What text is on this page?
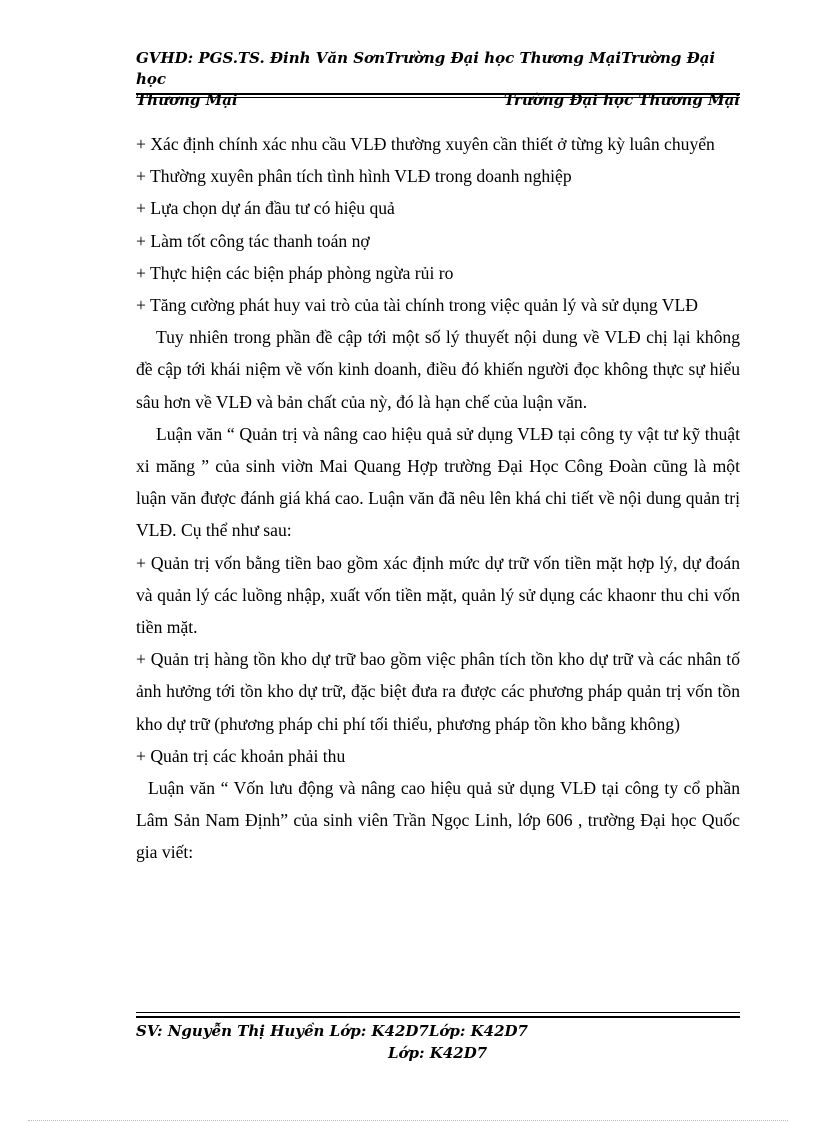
GVHD: PGS.TS. Đinh Văn SơnTrường Đại học Thương MạiTrường Đại học
Thương Mại	Trường Đại học Thương Mại

+ Xác định chính xác nhu cầu VLĐ thường xuyên cần thiết ở từng kỳ luân chuyển

+ Thường xuyên phân tích tình hình VLĐ trong doanh nghiệp

+ Lựa chọn dự án đầu tư có hiệu quả

+ Làm tốt công tác thanh toán nợ

+ Thực hiện các biện pháp phòng ngừa rủi ro

+ Tăng cường phát huy vai trò của tài chính trong việc quản lý và sử dụng VLĐ

Tuy nhiên trong phần đề cập tới một số lý thuyết nội dung về VLĐ chị lại không đề cập tới khái niệm về vốn kinh doanh, điều đó khiến người đọc không thực sự hiểu sâu hơn về VLĐ và bản chất của nỳ, đó là hạn chế của luận văn.

Luận văn “ Quản trị và nâng cao hiệu quả sử dụng VLĐ tại công ty vật tư kỹ thuật xi măng ” của sinh viờn Mai Quang Hợp trường Đại Học Công Đoàn cũng là một luận văn được đánh giá khá cao. Luận văn đã nêu lên khá chi tiết về nội dung quản trị VLĐ. Cụ thể như sau:

+ Quản trị vốn bằng tiền bao gồm xác định mức dự trữ vốn tiền mặt hợp lý, dự đoán và quản lý các luồng nhập, xuất vốn tiền mặt, quản lý sử dụng các khaonr thu chi vốn tiền mặt.

+ Quản trị hàng tồn kho dự trữ bao gồm việc phân tích tồn kho dự trữ và các nhân tố ảnh hưởng tới tồn kho dự trữ, đặc biệt đưa ra được các phương pháp quản trị vốn tồn kho dự trữ (phương pháp chi phí tối thiểu, phương pháp tồn kho bằng không)

+ Quản trị các khoản phải thu

Luận văn “ Vốn lưu động và nâng cao hiệu quả sử dụng VLĐ tại công ty cổ phần Lâm Sản Nam Định” của sinh viên Trần Ngọc Linh, lớp 606 , trường Đại học Quốc gia viết:

SV: Nguyễn Thị Huyền Lớp: K42D7Lớp: K42D7
Lớp: K42D7
